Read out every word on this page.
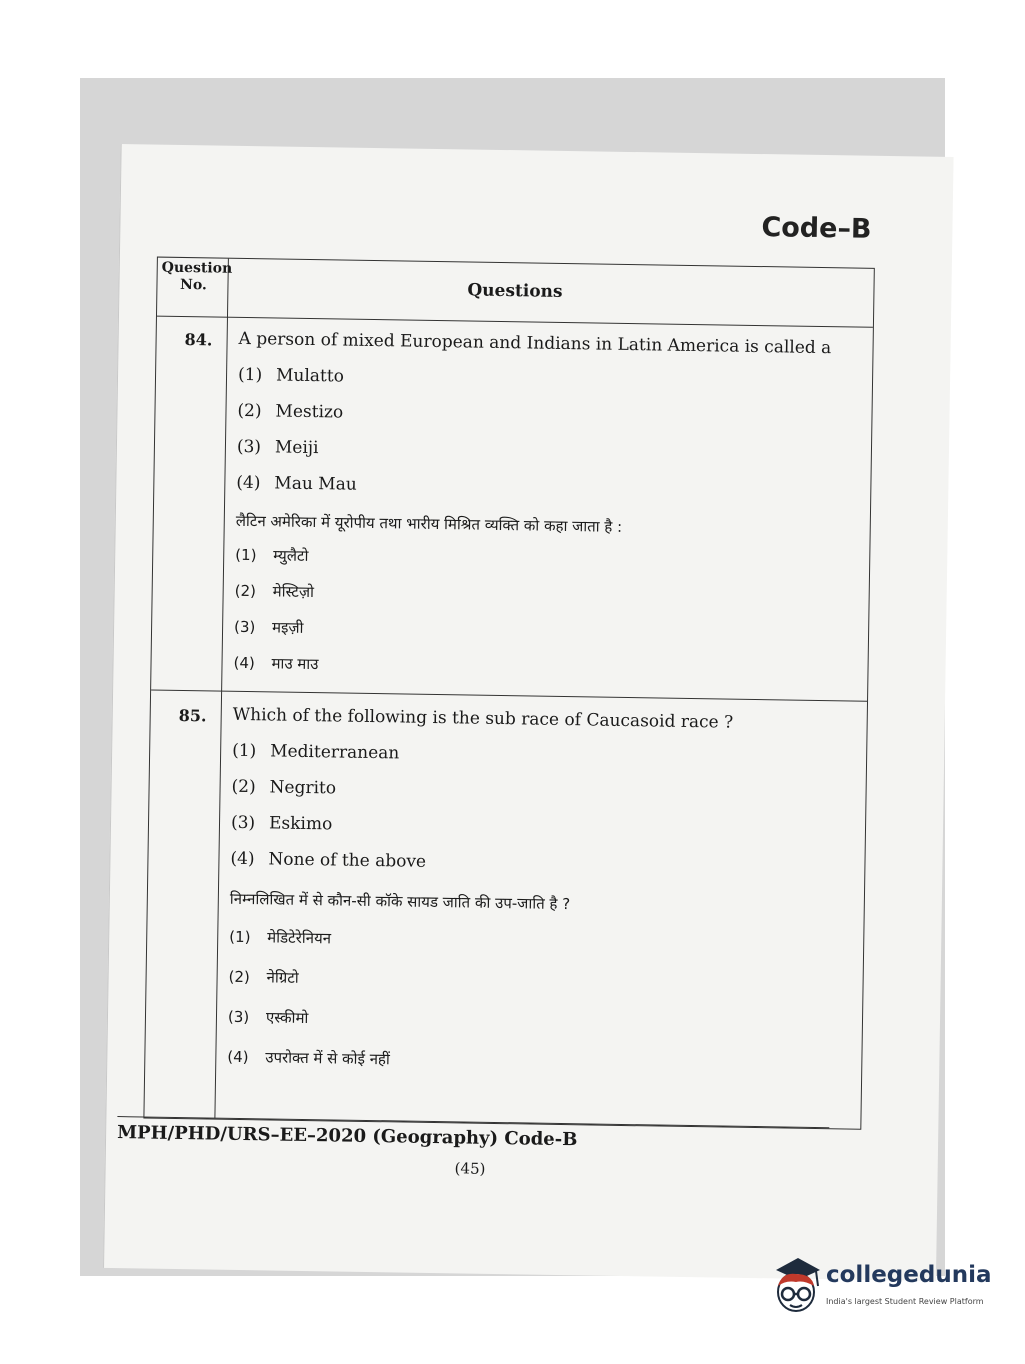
Code–B
Question No.	Questions
84. A person of mixed European and Indians in Latin America is called a
(1) Mulatto
(2) Mestizo
(3) Meiji
(4) Mau Mau
लैटिन अमेरिका में यूरोपीय तथा भारीय मिश्रित व्यक्ति को कहा जाता है :
(1) म्युलैटो
(2) मेस्टिज़ो
(3) मइज़ी
(4) माउ माउ
85. Which of the following is the sub race of Caucasoid race ?
(1) Mediterranean
(2) Negrito
(3) Eskimo
(4) None of the above
निम्नलिखित में से कौन-सी कॉके सायड जाति की उप-जाति है ?
(1) मेडिटेरेनियन
(2) नेग्रिटो
(3) एस्कीमो
(4) उपरोक्त में से कोई नहीं
MPH/PHD/URS–EE–2020 (Geography) Code-B
(45)
collegedunia
India's largest Student Review Platform
